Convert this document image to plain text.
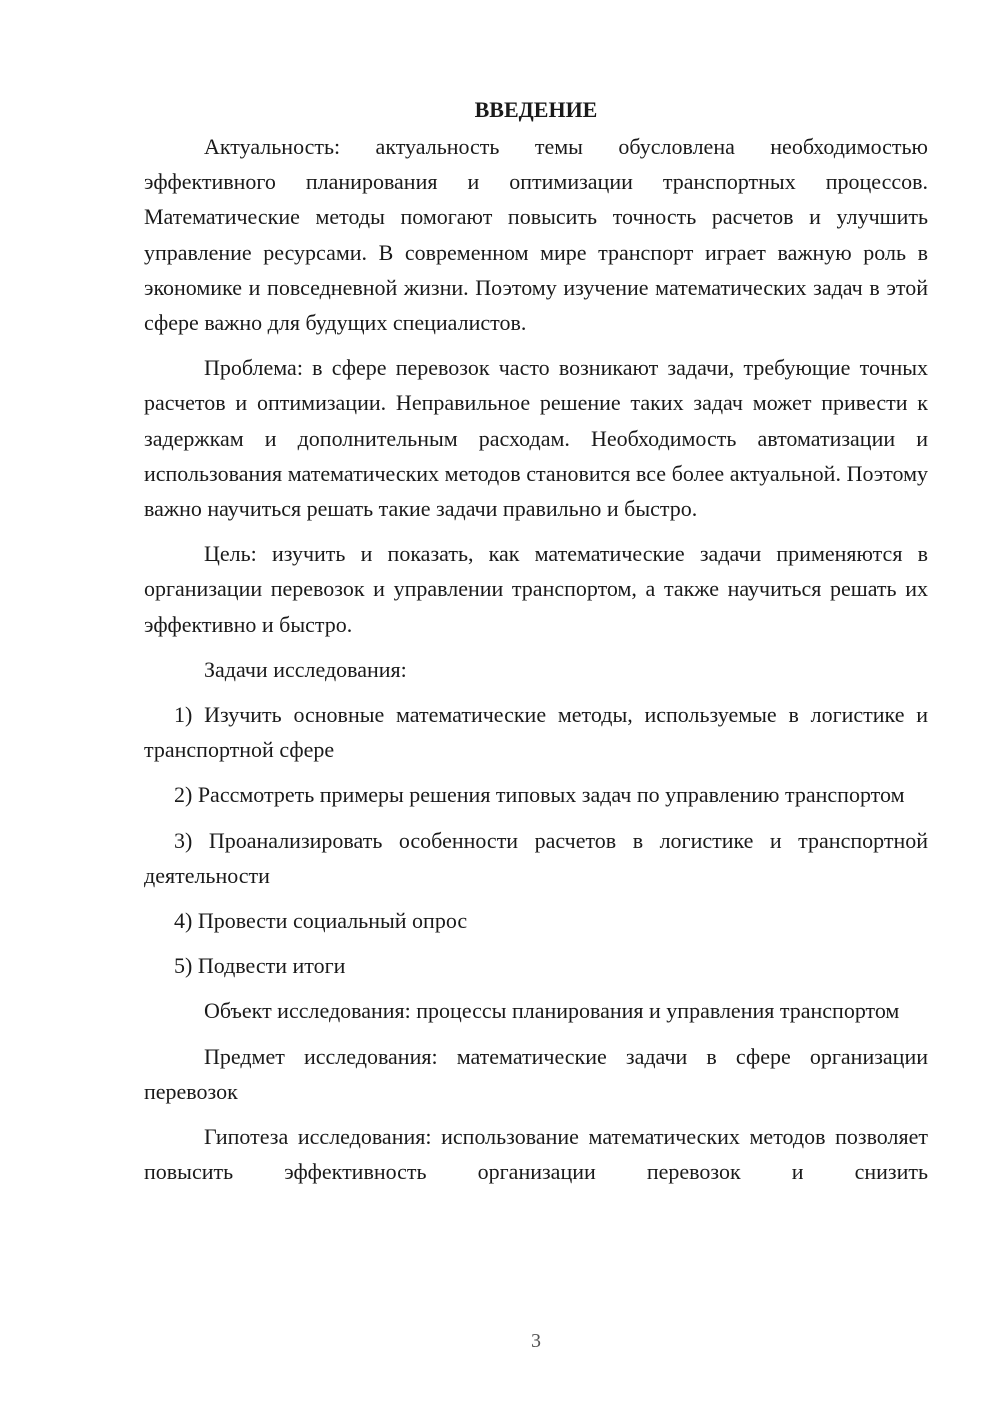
ВВЕДЕНИЕ

Актуальность: актуальность темы обусловлена необходимостью эффективного планирования и оптимизации транспортных процессов. Математические методы помогают повысить точность расчетов и улучшить управление ресурсами. В современном мире транспорт играет важную роль в экономике и повседневной жизни. Поэтому изучение математических задач в этой сфере важно для будущих специалистов.

Проблема: в сфере перевозок часто возникают задачи, требующие точных расчетов и оптимизации. Неправильное решение таких задач может привести к задержкам и дополнительным расходам. Необходимость автоматизации и использования математических методов становится все более актуальной. Поэтому важно научиться решать такие задачи правильно и быстро.

Цель: изучить и показать, как математические задачи применяются в организации перевозок и управлении транспортом, а также научиться решать их эффективно и быстро.

Задачи исследования:

1) Изучить основные математические методы, используемые в логистике и транспортной сфере

2) Рассмотреть примеры решения типовых задач по управлению транспортом

3) Проанализировать особенности расчетов в логистике и транспортной деятельности

4) Провести социальный опрос

5) Подвести итоги

Объект исследования: процессы планирования и управления транспортом

Предмет исследования: математические задачи в сфере организации перевозок

Гипотеза исследования: использование математических методов позволяет повысить эффективность организации перевозок и снизить

3
